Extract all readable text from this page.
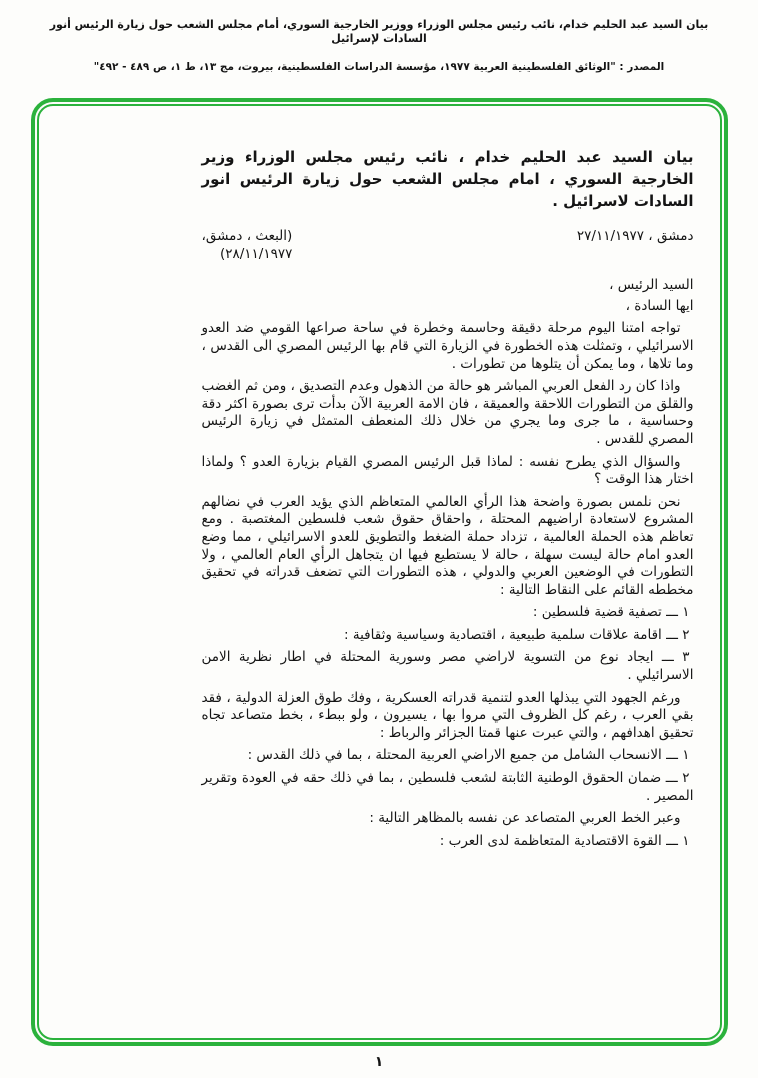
بيان السيد عبد الحليم خدام، نائب رئيس مجلس الوزراء ووزير الخارجية السوري، أمام مجلس الشعب حول زيارة الرئيس أنور السادات لإسرائيل
المصدر : "الوثائق الفلسطينية العربية ١٩٧٧، مؤسسة الدراسات الفلسطينية، بيروت، مج ١٣، ط ١، ص ٤٨٩ - ٤٩٢"
بيان السيد عبد الحليم خدام ، نائب رئيس مجلس الوزراء وزير الخارجية السوري ، امام مجلس الشعب حول زيارة الرئيس انور السادات لاسرائيل .
دمشق ، ٢٧/١١/١٩٧٧
(البعث ، دمشق،
٢٨/١١/١٩٧٧)

السيد الرئيس ،

ايها السادة ،

تواجه امتنا اليوم مرحلة دقيقة وحاسمة وخطرة في ساحة صراعها القومي ضد العدو الاسرائيلي ، وتمثلت هذه الخطورة في الزيارة التي قام بها الرئيس المصري الى القدس ، وما تلاها ، وما يمكن أن يتلوها من تطورات .

واذا كان رد الفعل العربي المباشر هو حالة من الذهول وعدم التصديق ، ومن ثم الغضب والقلق من التطورات اللاحقة والعميقة ، فان الامة العربية الآن بدأت ترى بصورة اكثر دقة وحساسية ، ما جرى وما يجري من خلال ذلك المنعطف المتمثل في زيارة الرئيس المصري للقدس .

والسؤال الذي يطرح نفسه : لماذا قبل الرئيس المصري القيام بزيارة العدو ؟ ولماذا اختار هذا الوقت ؟

نحن نلمس بصورة واضحة هذا الرأي العالمي المتعاظم الذي يؤيد العرب في نضالهم المشروع لاستعادة اراضيهم المحتلة ، واحقاق حقوق شعب فلسطين المغتصبة . ومع تعاظم هذه الحملة العالمية ، تزداد حملة الضغط والتطويق للعدو الاسرائيلي ، مما وضع العدو امام حالة ليست سهلة ، حالة لا يستطيع فيها ان يتجاهل الرأي العام العالمي ، ولا التطورات في الوضعين العربي والدولي ، هذه التطورات التي تضعف قدراته في تحقيق مخططه القائم على النقاط التالية :

١ ـــ تصفية قضية فلسطين :

٢ ـــ اقامة علاقات سلمية طبيعية ، اقتصادية وسياسية وثقافية :

٣ ـــ ايجاد نوع من التسوية لاراضي مصر وسورية المحتلة في اطار نظرية الامن الاسرائيلي .

ورغم الجهود التي يبذلها العدو لتنمية قدراته العسكرية ، وفك طوق العزلة الدولية ، فقد بقي العرب ، رغم كل الظروف التي مروا بها ، يسيرون ، ولو ببطء ، بخط متصاعد تجاه تحقيق اهدافهم ، والتي عبرت عنها قمتا الجزائر والرباط :

١ ـــ الانسحاب الشامل من جميع الاراضي العربية المحتلة ، بما في ذلك القدس :

٢ ـــ ضمان الحقوق الوطنية الثابتة لشعب فلسطين ، بما في ذلك حقه في العودة وتقرير المصير .

وعبر الخط العربي المتصاعد عن نفسه بالمظاهر التالية :

١ ـــ القوة الاقتصادية المتعاظمة لدى العرب :

١
